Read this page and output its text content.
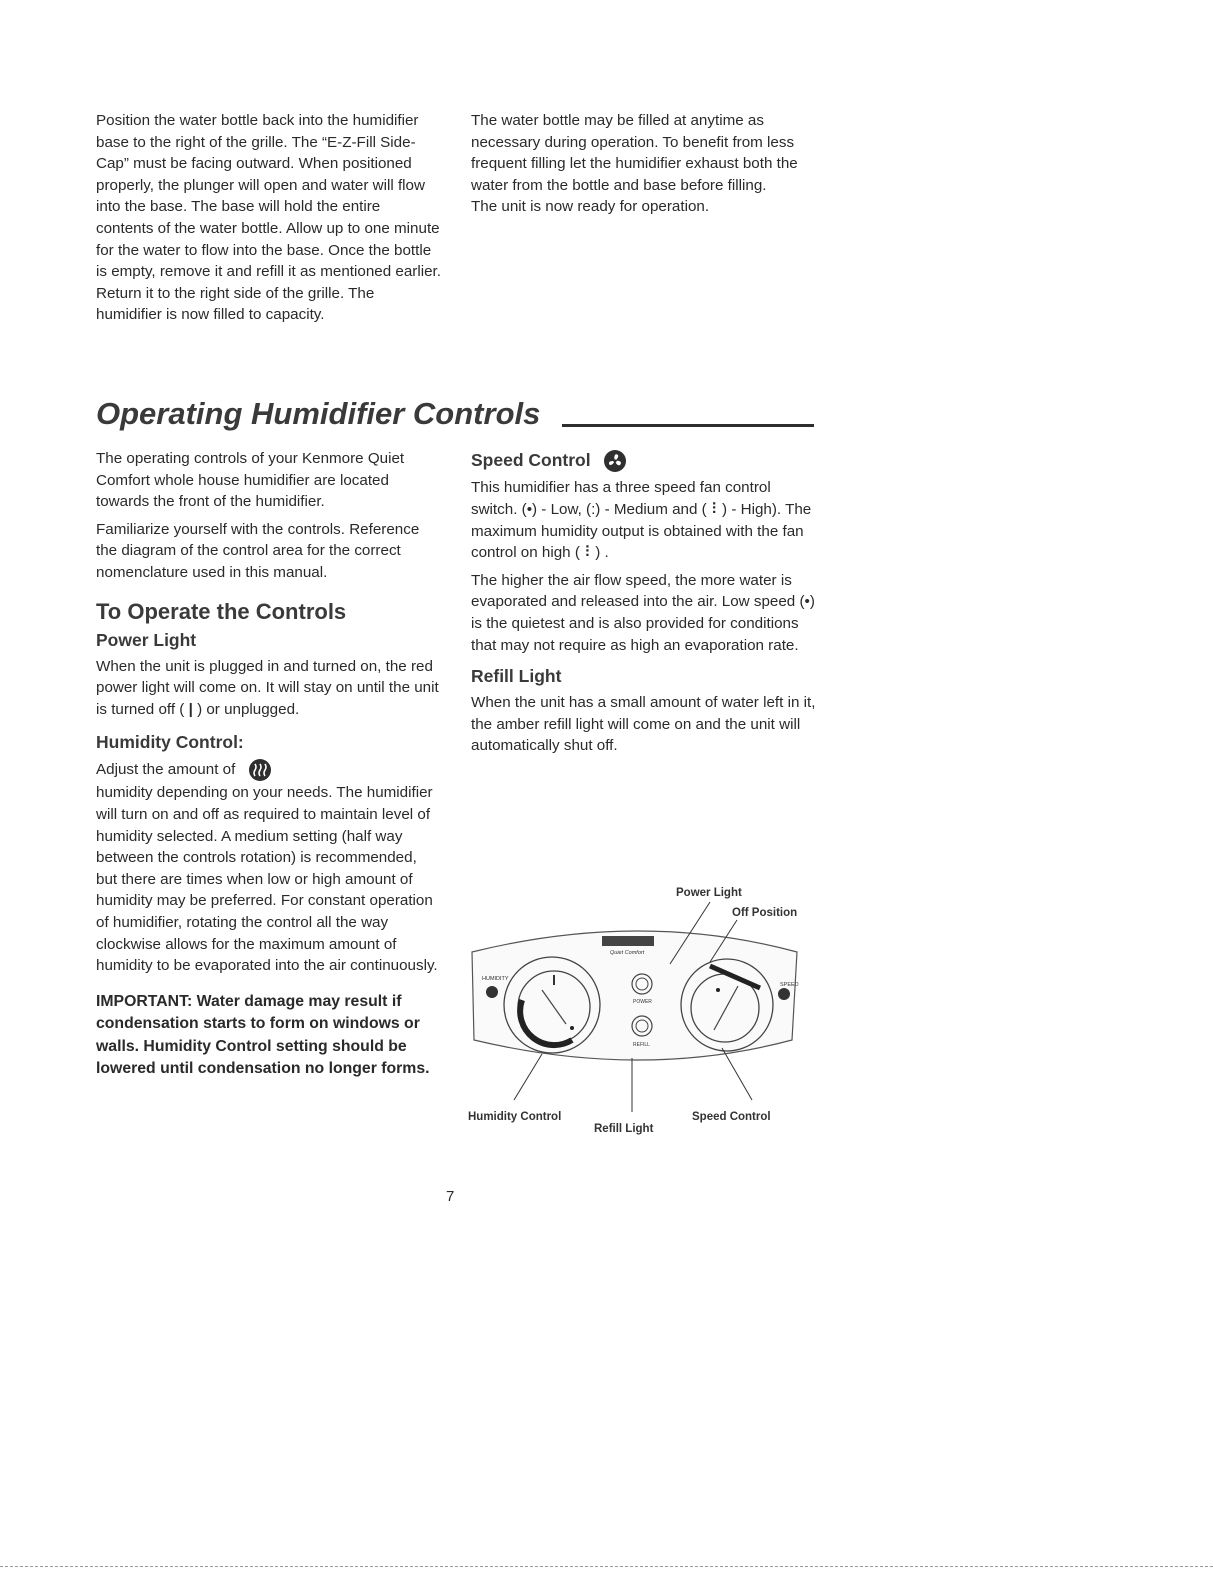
Position the water bottle back into the humidifier base to the right of the grille. The “E-Z-Fill Side-Cap” must be facing outward. When positioned properly, the plunger will open and water will flow into the base. The base will hold the entire contents of the water bottle. Allow up to one minute for the water to flow into the base. Once the bottle is empty, remove it and refill it as mentioned earlier. Return it to the right side of the grille. The humidifier is now filled to capacity.

The water bottle may be filled at anytime as necessary during operation. To benefit from less frequent filling let the humidifier exhaust both the water from the bottle and base before filling.

The unit is now ready for operation.

Operating Humidifier Controls

The operating controls of your Kenmore Quiet Comfort whole house humidifier are located towards the front of the humidifier.

Familiarize yourself with the controls. Reference the diagram of the control area for the correct nomenclature used in this manual.

To Operate the Controls
Power Light

When the unit is plugged in and turned on, the red power light will come on. It will stay on until the unit is turned off ( | ) or unplugged.

Humidity Control:

Adjust the amount of

humidity depending on your needs. The humidifier will turn on and off as required to maintain level of humidity selected. A medium setting (half way between the controls rotation) is recommended, but there are times when low or high amount of humidity may be preferred. For constant operation of humidifier, rotating the control all the way clockwise allows for the maximum amount of humidity to be evaporated into the air continuously.

IMPORTANT: Water damage may result if condensation starts to form on windows or walls. Humidity Control setting should be lowered until condensation no longer forms.

Speed Control

This humidifier has a three speed fan control switch. (•) - Low, (:) - Medium and ( ⠇) - High). The maximum humidity output is obtained with the fan control on high ( ⠇) .

The higher the air flow speed, the more water is evaporated and released into the air. Low speed (•) is the quietest and is also provided for conditions that may not require as high an evaporation rate.

Refill Light

When the unit has a small amount of water left in it, the amber refill light will come on and the unit will automatically shut off.

Quiet Comfort
HUMIDITY
POWER
REFILL
SPEED
Power Light
Off Position
Humidity Control	Speed Control
Refill Light
7
